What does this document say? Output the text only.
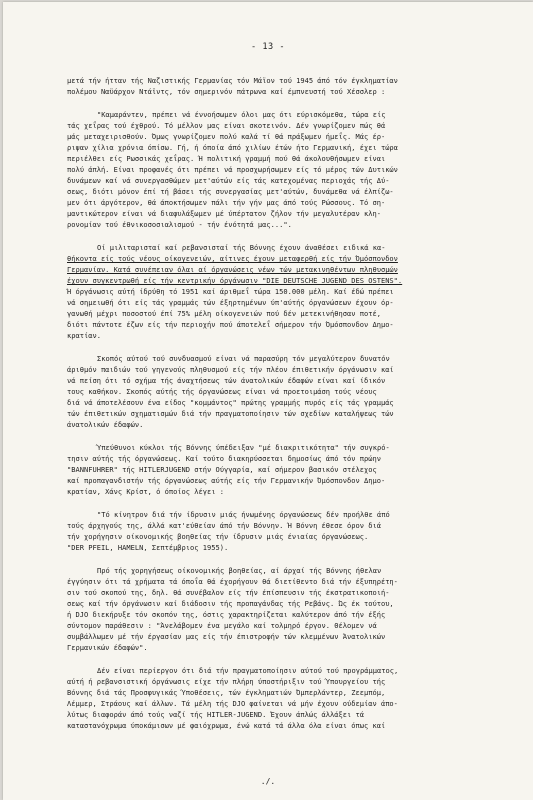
- 13 -
μετά τήν ήτταν τής Ναζιστικής Γερμανίας τόν Μάϊον τού 1945 άπό τόν έγκληματίαν
πολέμου Ναϋάρχον Ντάϊντς, τόν σημερινόν πάτρωνα καί έμπνευστή τού Χέσσλερ :
"Καμαράντεν, πρέπει νά έννοήσωμεν όλοι μας ότι εύρισκόμεθα, τώρα είς
τάς χεΐρας τού έχθρού. Τό μέλλον μας είναι σκοτεινόν. Δέν γνωρίζομεν πώς θά
μάς μεταχειρισθούν. Όμως γνωρίζομεν πολύ καλά τί θά πράξωμεν ήμεΐς. Μάς έρ-
ριψαν χίλια χρόνια όπίσω. Γή, ή όποία άπό χιλίων έτών ήτο Γερμανική, έχει τώρα
περιέλθει είς Ρωσσικάς χεΐρας. Ή πολιτική γραμμή πού θά άκολουθήσωμεν είναι
πολύ άπλή. Είναι προφανές ότι πρέπει νά προσχωρήσωμεν είς τό μέρος τών Δυτικών
δυνάμεων καί νά συνεργασθώμεν μετ'αύτών είς τάς κατεχομένας περιοχάς τής Δύ-
σεως, διότι μόνον έπί τή βάσει τής συνεργασίας μετ'αύτών, δυνάμεθα νά έλπίζω-
μεν ότι άργότερον, θά άποκτήσωμεν πάλι τήν γήν μας άπό τούς Ρώσσους. Τό ση-
μαντικώτερον είναι νά διαφυλάξωμεν μέ ύπέρτατον ζήλον τήν μεγαλυτέραν κλη-
ρονομίαν τού έθνικοσοσιαλισμού - τήν ένότητά μας...".
Οί μιλιταρισταί καί ρεβανσισταί τής Βόννης έχουν άναθέσει ειδικά κα-
θήκοντα είς τούς νέους οίκογενειών, αίτινες έχουν μεταφερθή είς τήν Όμόσπονδον
Γερμανίαν. Κατά συνέπειαν όλαι αί όργανώσεις νέων τών μετακινηθέντων πληθυσμών
έχουν συγκεντρωθή είς τήν κεντρικήν όργάνωσιν "DIE DEUTSCHE JUGEND DES OSTENS".
Ή όργάνωσις αύτή ίδρύθη τό 1951 καί άριθμεΐ τώρα 150.000 μέλη. Καί έδώ πρέπει
νά σημειωθή ότι είς τάς γραμμάς τών έξηρτημένων ύπ'αύτής όργανώσεων έχουν όρ-
γανωθή μέχρι ποσοστού έπί 75% μέλη οίκογενειών πού δέν μετεκινήθησαν ποτέ,
διότι πάντοτε έζων είς τήν περιοχήν πού άποτελεΐ σήμερον τήν Όμόσπονδον Δημο-
κρατίαν.
Σκοπός αύτού τού συνδυασμού είναι νά παρασύρη τόν μεγαλύτερον δυνατόν
άριθμόν παιδιών τού γηγενούς πληθυσμού είς τήν πλέον έπιθετικήν όργάνωσιν καί
νά πείση ότι τό σχήμα τής άναχτήσεως τών άνατολικών έδαφών είναι καί ίδικόν
τους καθήκον. Σκοπός αύτής τής όργανώσεως είναι νά προετοιμάση τούς νέους
διά νά άποτελέσουν ένα είδος "κομμάντος" πρώτης γραμμής πυρός είς τάς γραμμάς
τών έπιθετικών σχηματισμών διά τήν πραγματοποίησιν τών σχεδίων καταλήψεως τών
άνατολικών έδαφών.
Ύπεύθυνοι κύκλοι τής Βόννης ύπέδειξαν "μέ διακριτικότητα" τήν συγκρό-
τησιν αύτής τής όργανώσεως. Καί τούτο διακηρύσσεται δημοσίως άπό τόν πρώην
"BANNFUHRER" τής HITLERJUGEND στήν Ούγγαρία, καί σήμερον βασικόν στέλεχος
καί προπαγανδιστήν τής όργανώσεως αύτής είς τήν Γερμανικήν Όμόσπονδον Δημο-
κρατίαν, Χάνς Κρίστ, ό όποίος λέγει :
"Τό κίνητρον διά τήν ίδρυσιν μιάς ήνωμένης όργανώσεως δέν προήλθε άπό
τούς άρχηγούς της, άλλά κατ'εύθείαν άπό τήν Βόννην. Ή Βόννη έθεσε όρον διά
τήν χορήγησιν οίκονομικής βοηθείας τήν ίδρυσιν μιάς ένιαίας όργανώσεως.
"DER PFEIL, HAMELN, Σεπτέμβριος 1955).
Πρό τής χορηγήσεως οίκονομικής βοηθείας, αί άρχαί τής Βόννης ήθελαν
έγγύησιν ότι τά χρήματα τά όποΐα θά έχορήγουν θά διετίθεντο διά τήν έξυπηρέτη-
σιν τού σκοπού της, δηλ. θά συνέβαλον είς τήν έπίσπευσιν τής έκστρατικοποιή-
σεως καί τήν όργάνωσιν καί διάδοσιν τής προπαγάνδας τής Ρεβάνς. Ώς έκ τούτου,
ή DJO διεκήρυξε τόν σκοπόν της, όστις χαρακτηρίζεται καλύτερον άπό τήν έξής
σύντομον παράθεσιν : "Άνελάβομεν ένα μεγάλο καί τολμηρό έργον. Θέλομεν νά
συμβάλλωμεν μέ τήν έργασίαν μας είς τήν έπιστροφήν τών κλεμμένων Άνατολικών
Γερμανικών έδαφών".
Δέν είναι περίεργον ότι διά τήν πραγματοποίησιν αύτού τού προγράμματος,
αύτή ή ρεβανσιστική όργάνωσις είχε τήν πλήρη ύποστήριξιν τού Ύπουργείου τής
Βόννης διά τάς Προσφυγικάς Ύποθέσεις, τών έγκληματιών Όμπερλάντερ, Ζεεμπόμ,
Λέμμερ, Στράους καί άλλων. Τά μέλη τής DJO φαίνεται νά μήν έχουν ούδεμίαν άπο-
λύτως διαφοράν άπό τούς ναζί τής HITLER-JUGEND. Έχουν άπλώς άλλάξει τά
καταστανόχρωμα ύποκάμισων μέ φαιόχρωμα, ένώ κατά τά άλλα όλα είναι όπως καί
./.
